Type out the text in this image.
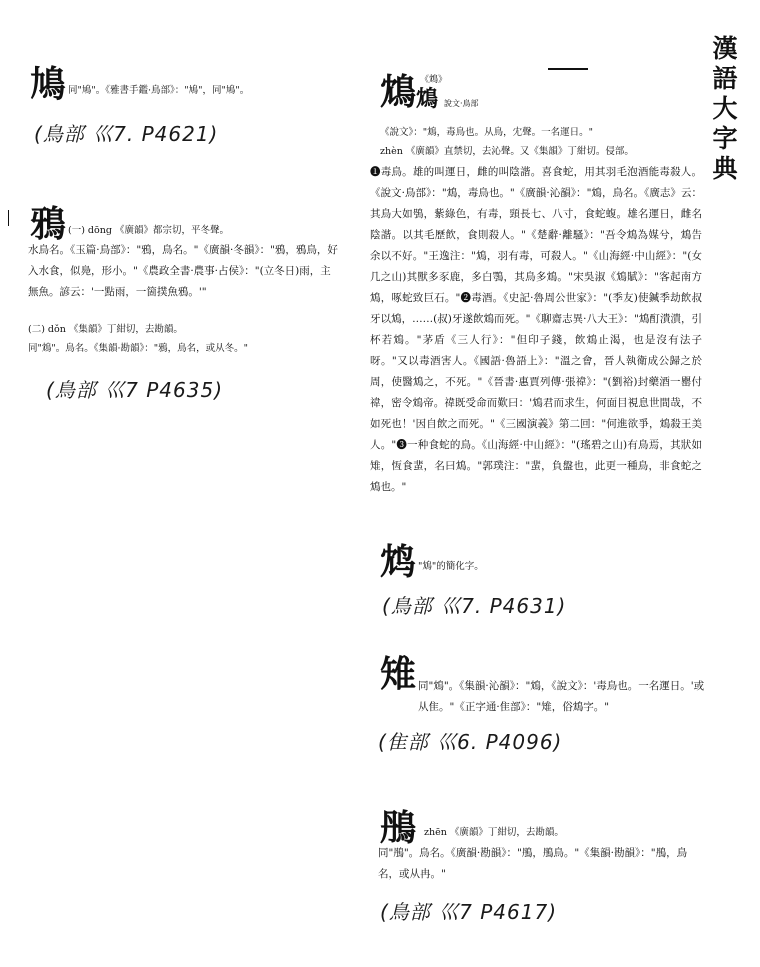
漢語大字典
鳩 同"鳩"。《雅書手鑑·鳥部》："鳩"，同"鳩"。
(鳥部 巛7. P4621)
鴉 (一) dōng 《廣韻》都宗切，平冬聲。
水鳥名。《玉篇·鳥部》："鴉，鳥名。"《廣韻·冬韻》："鴉，鴉鳥，好入水食，似鳧，形小。"《農政全書·農事·占侯》："(立冬日)雨，主無魚。諺云：'一點雨，一箇撲魚鴉。'"
(二) dǒn 《集韻》丁紺切，去勘韻。
同"鴆"。鳥名。《集韻·勘韻》："鴉，鳥名，或从冬。"
(鳥部 巛7 P4635)
鴆 《鴆》
鴆 說文·鳥部
《說文》："鴆，毒鳥也。从鳥，冘聲。一名運日。"
zhèn 《廣韻》直禁切，去沁聲。又《集韻》丁紺切。侵部。
❶毒鳥。雄的叫運日，雌的叫陰諧。喜食蛇，用其羽毛泡酒能毒殺人。《說文·鳥部》："鴆，毒鳥也。"《廣韻·沁韻》："鴆，鳥名。《廣志》云：其鳥大如鴞，紫綠色，有毒，頸長七、八寸，食蛇蝮。雄名運日，雌名陰諧。以其毛歷飲，食則殺人。"《楚辭·離騷》："吾令鴆為媒兮，鴆告余以不好。"王逸注："鴆，羽有毒，可殺人。"《山海經·中山經》："(女几之山)其獸多豕鹿，多白鶚，其鳥多鴆。"宋吳淑《鴆賦》："客起南方鴆，啄蛇致巨石。"❷毒酒。《史記·魯周公世家》："(季友)使鍼季劫飲叔牙以鴆，……(叔)牙遂飲鴆而死。"《聊齋志異·八大王》："鴆酊潰潰，引杯若鴆。"茅盾《三人行》："但印子錢，飲鴆止渴，也是沒有法子呀。"又以毒酒害人。《國語·魯語上》："溫之會，晉人執衛成公歸之於周，使醫鴆之，不死。"《晉書·惠賈列傳·張禕》："(劉裕)封藥酒一罌付禕，密令鴆帝。禕既受命而歎曰：'鴆君而求生，何面目視息世間哉，不如死也！'因自飲之而死。"《三國演義》第二回："何進欲爭，鴆殺王美人。"❸一种食蛇的鳥。《山海經·中山經》："(瑤碧之山)有鳥焉，其狀如雉，恆食蜚，名曰鴆。"郭璞注："蜚，負盤也，此更一種鳥，非食蛇之鴆也。"
鸩 "鴆"的簡化字。
(鳥部 巛7. P4631)
雉 同"鴆"。《集韻·沁韻》："鴆，《說文》：'毒鳥也。一名運日。'或从隹。"《正字通·隹部》："雉，俗鴆字。"
(隹部 巛6. P4096)
鴅 zhēn 《廣韻》丁紺切，去勘韻。
同"鴅"。鳥名。《廣韻·勘韻》："鴅，鴅鳥。"《集韻·勘韻》："鴅，鳥名，或从冉。"
(鳥部 巛7 P4617)
